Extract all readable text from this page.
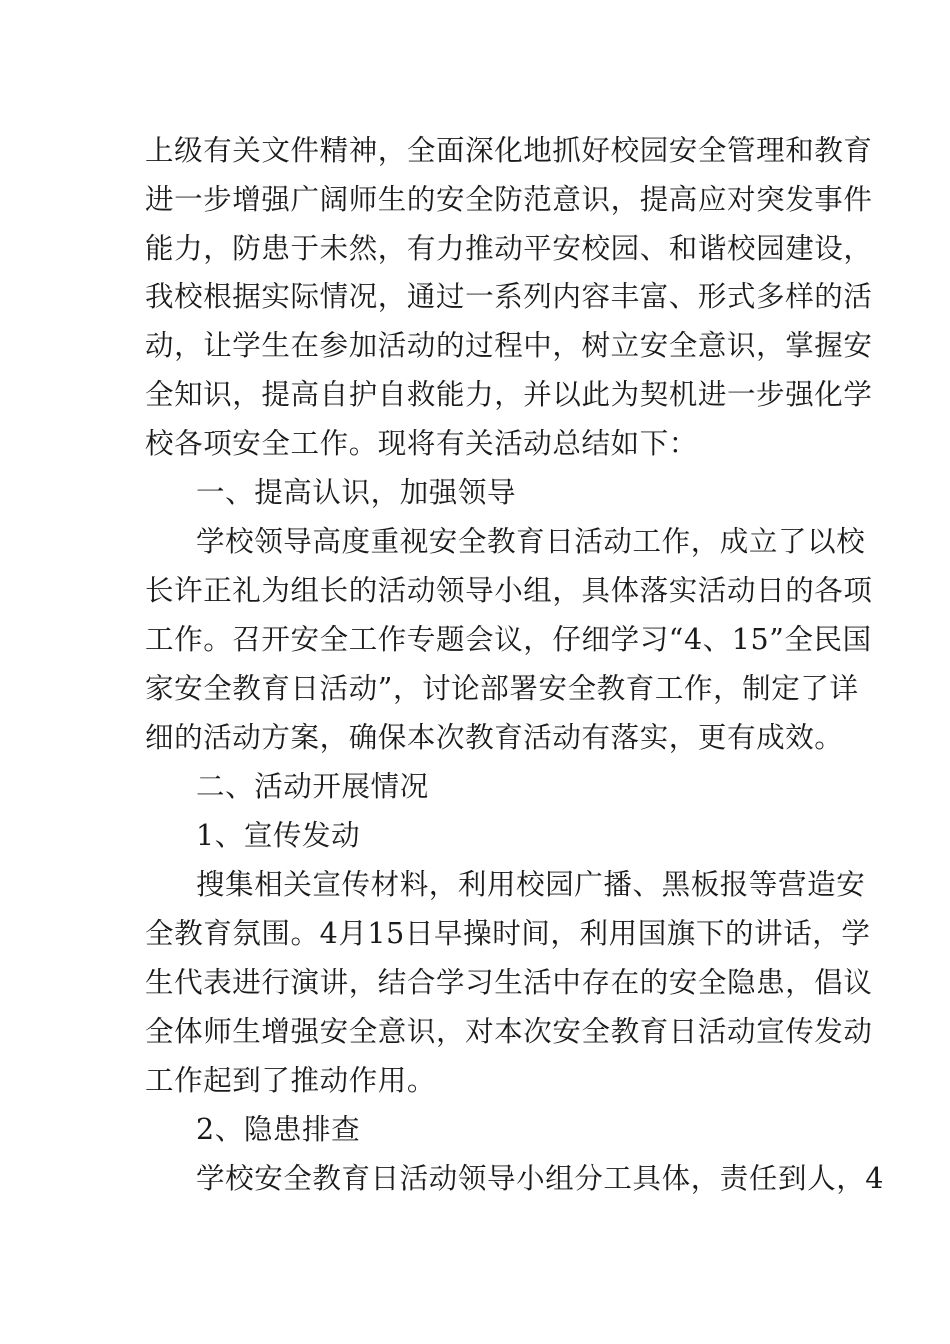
上级有关文件精神，全面深化地抓好校园安全管理和教育
进一步增强广阔师生的安全防范意识，提高应对突发事件
能力，防患于未然，有力推动平安校园、和谐校园建设，
我校根据实际情况，通过一系列内容丰富、形式多样的活
动，让学生在参加活动的过程中，树立安全意识，掌握安
全知识，提高自护自救能力，并以此为契机进一步强化学
校各项安全工作。现将有关活动总结如下：
一、提高认识，加强领导
学校领导高度重视安全教育日活动工作，成立了以校
长许正礼为组长的活动领导小组，具体落实活动日的各项
工作。召开安全工作专题会议，仔细学习“4、15”全民国
家安全教育日活动”，讨论部署安全教育工作，制定了详
细的活动方案，确保本次教育活动有落实，更有成效。
二、活动开展情况
1、宣传发动
搜集相关宣传材料，利用校园广播、黑板报等营造安
全教育氛围。4月15日早操时间，利用国旗下的讲话，学
生代表进行演讲，结合学习生活中存在的安全隐患，倡议
全体师生增强安全意识，对本次安全教育日活动宣传发动
工作起到了推动作用。
2、隐患排查
学校安全教育日活动领导小组分工具体，责任到人，4
